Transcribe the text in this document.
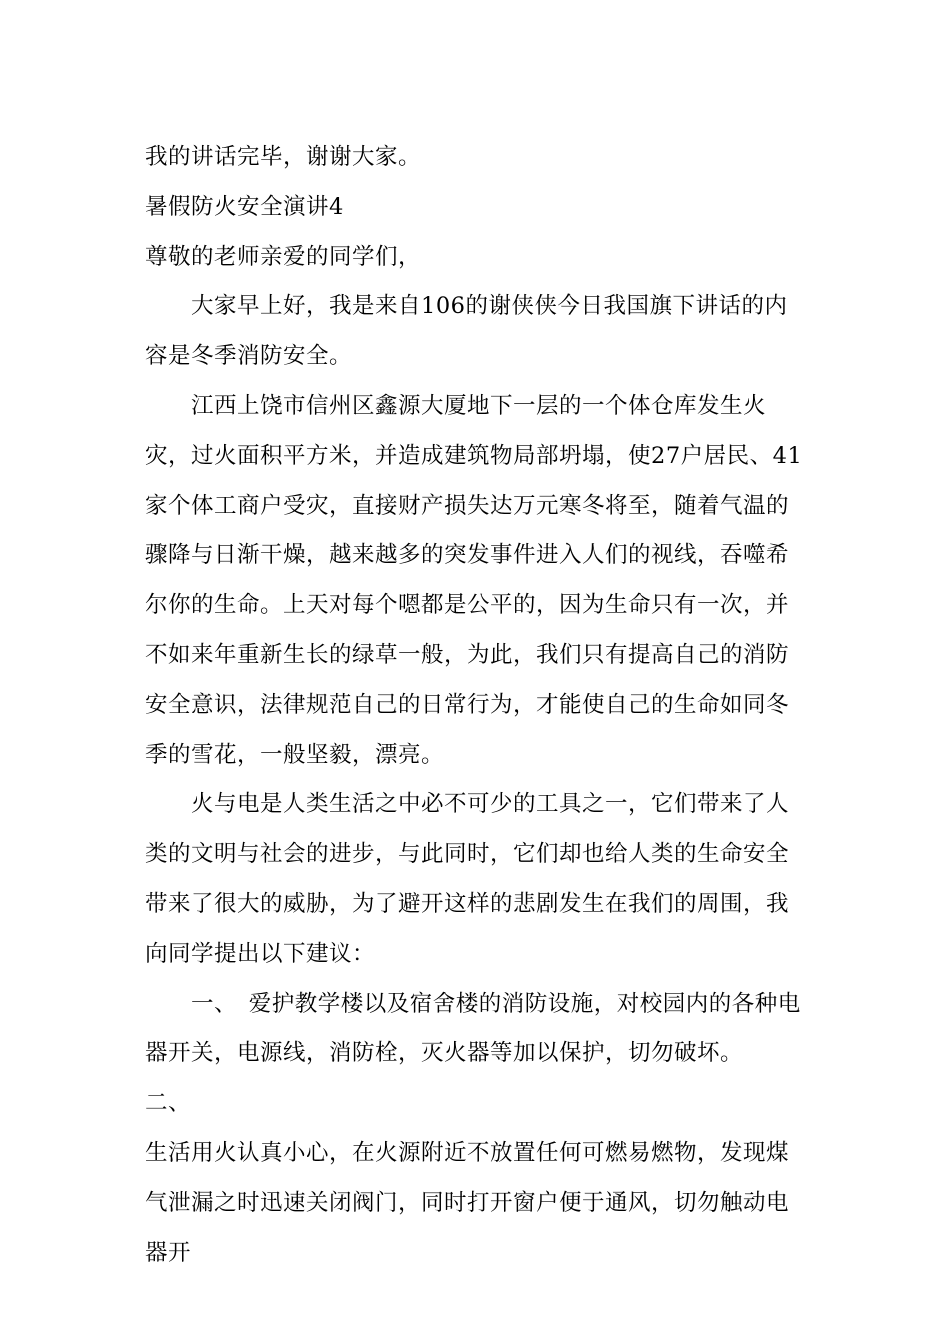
我的讲话完毕，谢谢大家。

暑假防火安全演讲4

尊敬的老师亲爱的同学们，

大家早上好，我是来自106的谢侠侠今日我国旗下讲话的内容是冬季消防安全。

江西上饶市信州区鑫源大厦地下一层的一个体仓库发生火灾，过火面积平方米，并造成建筑物局部坍塌，使27户居民、41家个体工商户受灾，直接财产损失达万元寒冬将至，随着气温的骤降与日渐干燥，越来越多的突发事件进入人们的视线，吞噬希尔你的生命。上天对每个嗯都是公平的，因为生命只有一次，并不如来年重新生长的绿草一般，为此，我们只有提高自己的消防安全意识，法律规范自己的日常行为，才能使自己的生命如同冬季的雪花，一般坚毅，漂亮。

火与电是人类生活之中必不可少的工具之一，它们带来了人类的文明与社会的进步，与此同时，它们却也给人类的生命安全带来了很大的威胁，为了避开这样的悲剧发生在我们的周围，我向同学提出以下建议：

一、　爱护教学楼以及宿舍楼的消防设施，对校园内的各种电器开关，电源线，消防栓，灭火器等加以保护，切勿破坏。

二、

生活用火认真小心，在火源附近不放置任何可燃易燃物，发现煤气泄漏之时迅速关闭阀门，同时打开窗户便于通风，切勿触动电器开
